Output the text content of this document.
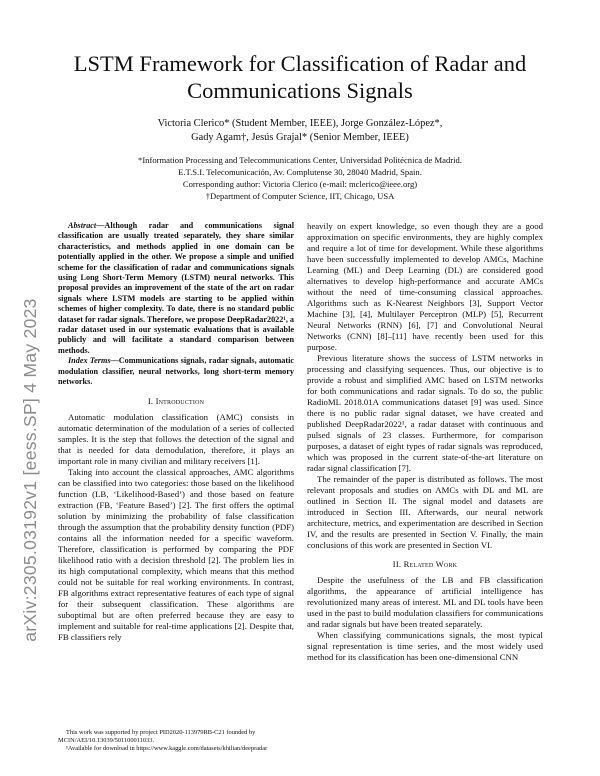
LSTM Framework for Classification of Radar and Communications Signals
Victoria Clerico* (Student Member, IEEE), Jorge González-López*,
Gady Agam†, Jesús Grajal* (Senior Member, IEEE)
*Information Processing and Telecommunications Center, Universidad Politécnica de Madrid.
E.T.S.I. Telecomunicación, Av. Complutense 30, 28040 Madrid, Spain.
Corresponding author: Victoria Clerico (e-mail: mclerico@ieee.org)
†Department of Computer Science, IIT, Chicago, USA
arXiv:2305.03192v1 [eess.SP] 4 May 2023

Abstract—Although radar and communications signal classification are usually treated separately, they share similar characteristics, and methods applied in one domain can be potentially applied in the other. We propose a simple and unified scheme for the classification of radar and communications signals using Long Short-Term Memory (LSTM) neural networks. This proposal provides an improvement of the state of the art on radar signals where LSTM models are starting to be applied within schemes of higher complexity. To date, there is no standard public dataset for radar signals. Therefore, we propose DeepRadar2022¹, a radar dataset used in our systematic evaluations that is available publicly and will facilitate a standard comparison between methods.

Index Terms—Communications signals, radar signals, automatic modulation classifier, neural networks, long short-term memory networks.

I. Introduction

Automatic modulation classification (AMC) consists in automatic determination of the modulation of a series of collected samples. It is the step that follows the detection of the signal and that is needed for data demodulation, therefore, it plays an important role in many civilian and military receivers [1].

Taking into account the classical approaches, AMC algorithms can be classified into two categories: those based on the likelihood function (LB, ‘Likelihood-Based’) and those based on feature extraction (FB, ‘Feature Based’) [2]. The first offers the optimal solution by minimizing the probability of false classification through the assumption that the probability density function (PDF) contains all the information needed for a specific waveform. Therefore, classification is performed by comparing the PDF likelihood ratio with a decision threshold [2]. The problem lies in its high computational complexity, which means that this method could not be suitable for real working environments. In contrast, FB algorithms extract representative features of each type of signal for their subsequent classification. These algorithms are suboptimal but are often preferred because they are easy to implement and suitable for real-time applications [2]. Despite that, FB classifiers rely

heavily on expert knowledge, so even though they are a good approximation on specific environments, they are highly complex and require a lot of time for development. While these algorithms have been successfully implemented to develop AMCs, Machine Learning (ML) and Deep Learning (DL) are considered good alternatives to develop high-performance and accurate AMCs without the need of time-consuming classical approaches. Algorithms such as K-Nearest Neighbors [3], Support Vector Machine [3], [4], Multilayer Perceptron (MLP) [5], Recurrent Neural Networks (RNN) [6], [7] and Convolutional Neural Networks (CNN) [8]–[11] have recently been used for this purpose.

Previous literature shows the success of LSTM networks in processing and classifying sequences. Thus, our objective is to provide a robust and simplified AMC based on LSTM networks for both communications and radar signals. To do so, the public RadioML 2018.01A communications dataset [9] was used. Since there is no public radar signal dataset, we have created and published DeepRadar2022¹, a radar dataset with continuous and pulsed signals of 23 classes. Furthermore, for comparison purposes, a dataset of eight types of radar signals was reproduced, which was proposed in the current state-of-the-art literature on radar signal classification [7].

The remainder of the paper is distributed as follows. The most relevant proposals and studies on AMCs with DL and ML are outlined in Section II. The signal model and datasets are introduced in Section III. Afterwards, our neural network architecture, metrics, and experimentation are described in Section IV, and the results are presented in Section V. Finally, the main conclusions of this work are presented in Section VI.

II. Related Work

Despite the usefulness of the LB and FB classification algorithms, the appearance of artificial intelligence has revolutionized many areas of interest. ML and DL tools have been used in the past to build modulation classifiers for communications and radar signals but have been treated separately.

When classifying communications signals, the most typical signal representation is time series, and the most widely used method for its classification has been one-dimensional CNN

This work was supported by project PID2020-113979RB-C21 founded by MCIN/AEI/10.13039/501100011033.
¹Available for download in https://www.kaggle.com/datasets/khilian/deepradar
